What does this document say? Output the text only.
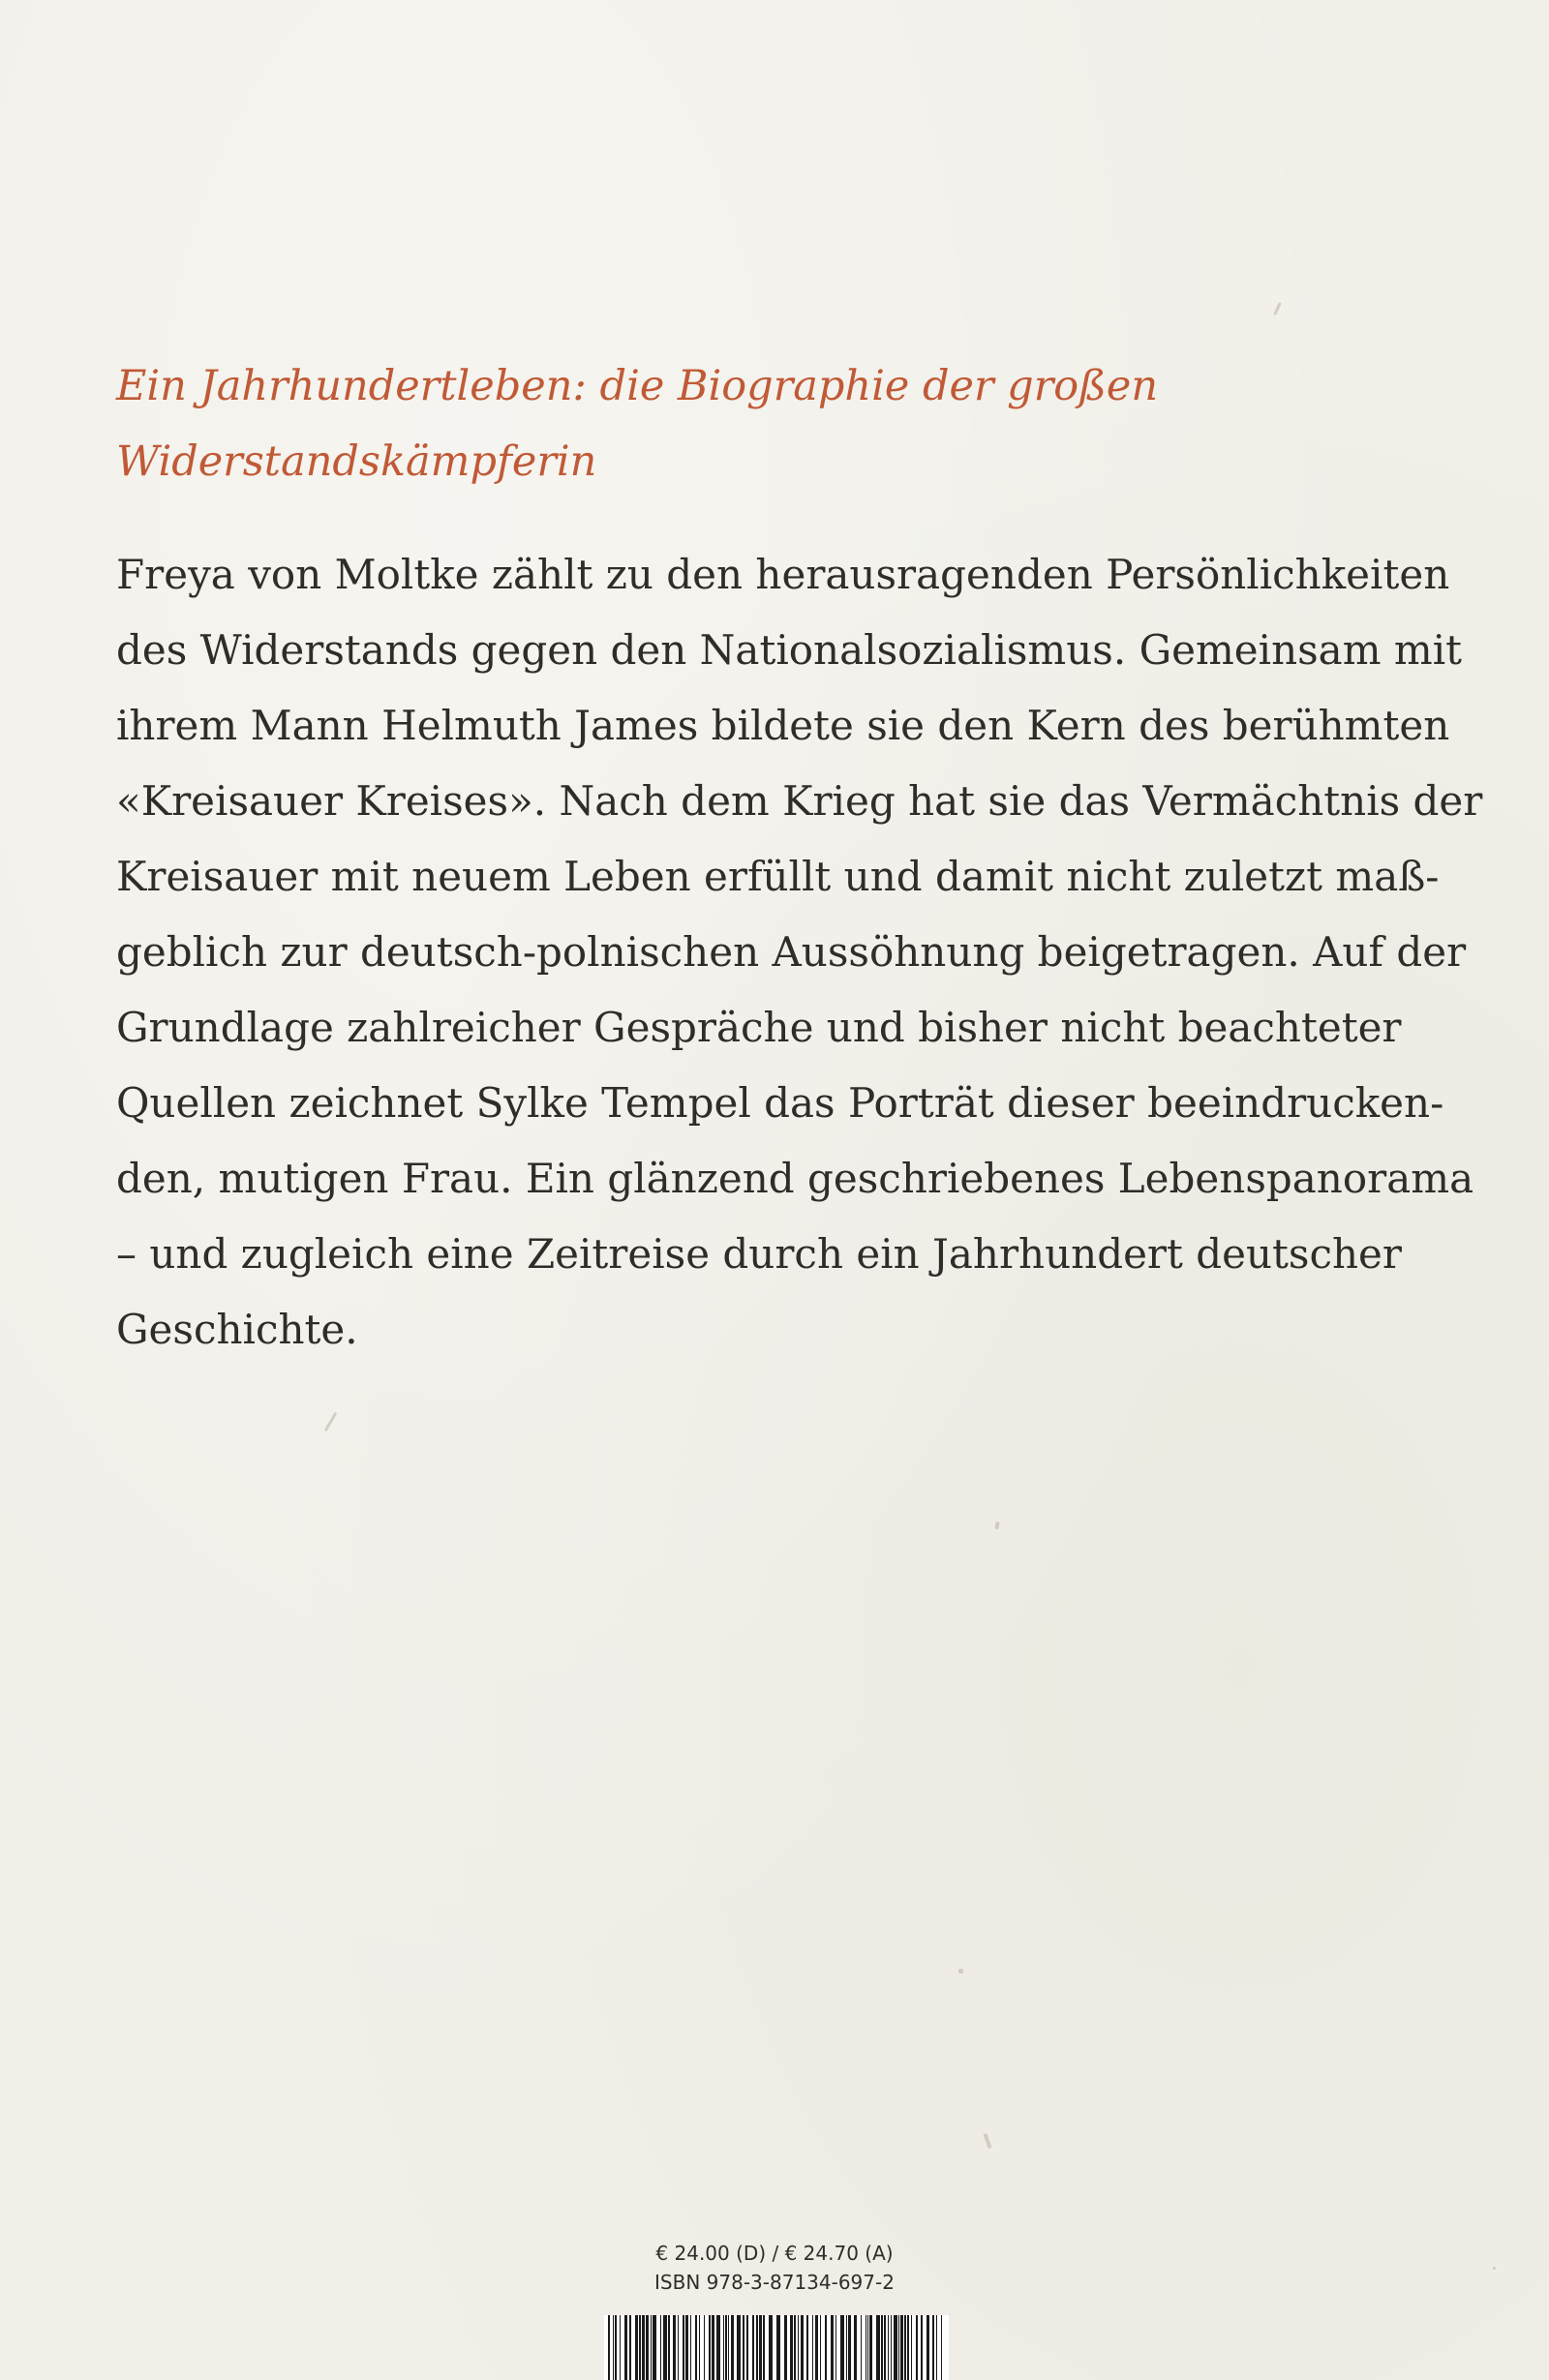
Ein Jahrhundertleben: die Biographie der großen
Widerstandskämpferin
Freya von Moltke zählt zu den herausragenden Persönlichkeiten
des Widerstands gegen den Nationalsozialismus. Gemeinsam mit
ihrem Mann Helmuth James bildete sie den Kern des berühmten
«Kreisauer Kreises». Nach dem Krieg hat sie das Vermächtnis der
Kreisauer mit neuem Leben erfüllt und damit nicht zuletzt maß-
geblich zur deutsch-polnischen Aussöhnung beigetragen. Auf der
Grundlage zahlreicher Gespräche und bisher nicht beachteter
Quellen zeichnet Sylke Tempel das Porträt dieser beeindrucken-
den, mutigen Frau. Ein glänzend geschriebenes Lebenspanorama
– und zugleich eine Zeitreise durch ein Jahrhundert deutscher
Geschichte.
€ 24.00 (D) / € 24.70 (A)
ISBN 978-3-87134-697-2
